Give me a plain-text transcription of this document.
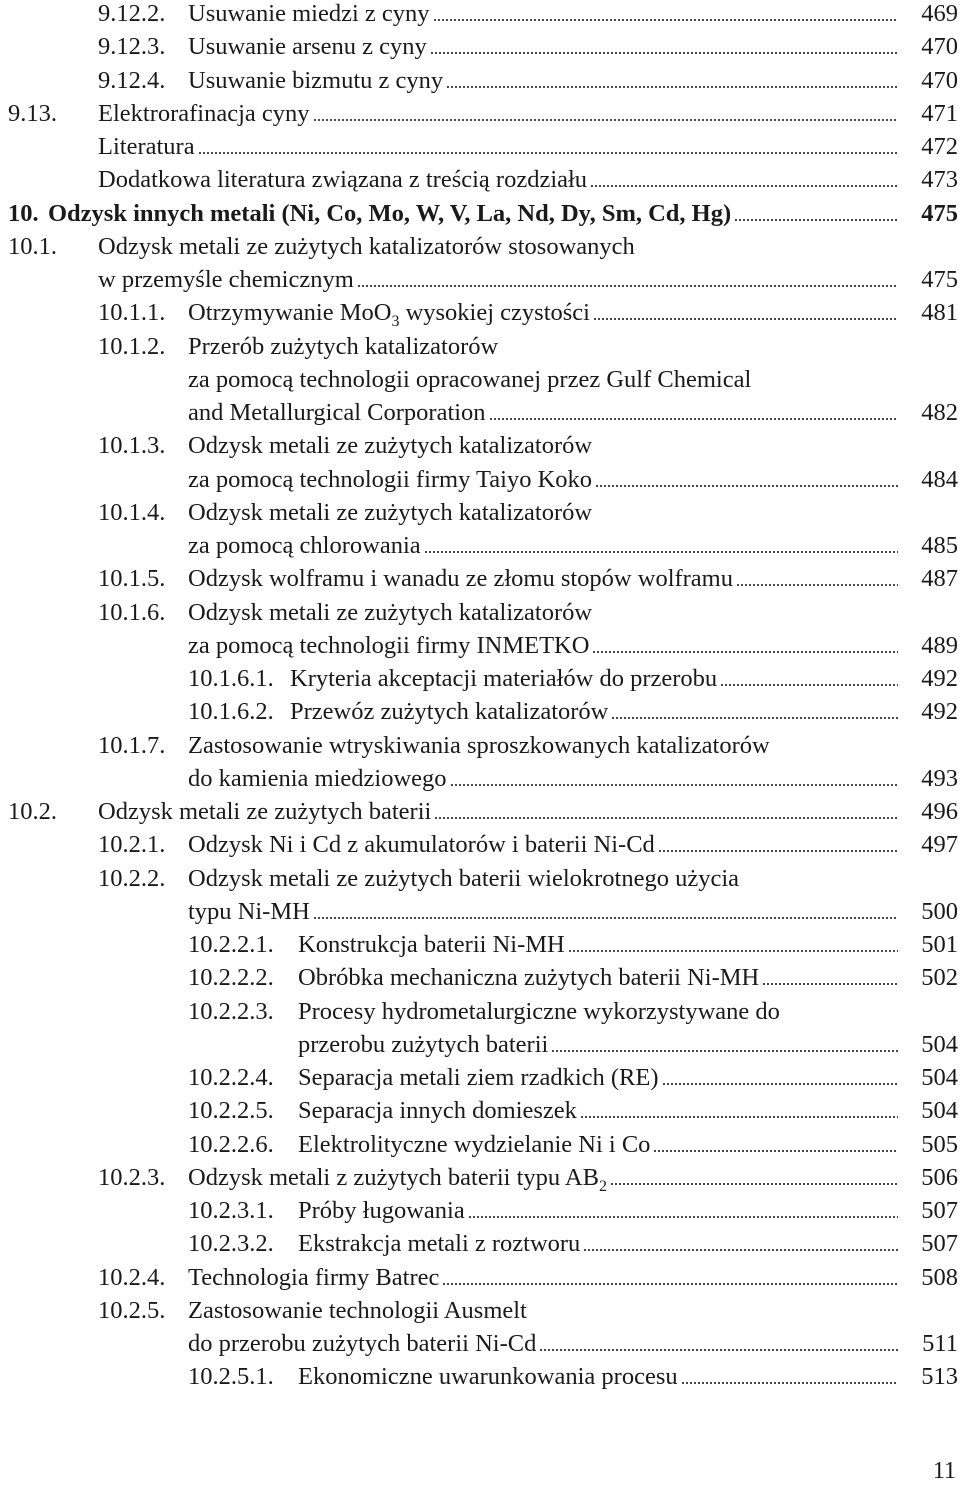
9.12.2. Usuwanie miedzi z cyny	469
9.12.3. Usuwanie arsenu z cyny	470
9.12.4. Usuwanie bizmutu z cyny	470
9.13. Elektrorafinacja cyny	471
Literatura	472
Dodatkowa literatura związana z treścią rozdziału	473
10. Odzysk innych metali (Ni, Co, Mo, W, V, La, Nd, Dy, Sm, Cd, Hg)	475
10.1. Odzysk metali ze zużytych katalizatorów stosowanych
w przemyśle chemicznym	475
10.1.1. Otrzymywanie MoO$_3$ wysokiej czystości	481
10.1.2. Przerób zużytych katalizatorów
za pomocą technologii opracowanej przez Gulf Chemical
and Metallurgical Corporation	482
10.1.3. Odzysk metali ze zużytych katalizatorów
za pomocą technologii firmy Taiyo Koko	484
10.1.4. Odzysk metali ze zużytych katalizatorów
za pomocą chlorowania	485
10.1.5. Odzysk wolframu i wanadu ze złomu stopów wolframu	487
10.1.6. Odzysk metali ze zużytych katalizatorów
za pomocą technologii firmy INMETKO	489
10.1.6.1. Kryteria akceptacji materiałów do przerobu	492
10.1.6.2. Przewóz zużytych katalizatorów	492
10.1.7. Zastosowanie wtryskiwania sproszkowanych katalizatorów
do kamienia miedziowego	493
10.2. Odzysk metali ze zużytych baterii	496
10.2.1. Odzysk Ni i Cd z akumulatorów i baterii Ni-Cd	497
10.2.2. Odzysk metali ze zużytych baterii wielokrotnego użycia
typu Ni-MH	500
10.2.2.1. Konstrukcja baterii Ni-MH	501
10.2.2.2. Obróbka mechaniczna zużytych baterii Ni-MH	502
10.2.2.3. Procesy hydrometalurgiczne wykorzystywane do
przerobu zużytych baterii	504
10.2.2.4. Separacja metali ziem rzadkich (RE)	504
10.2.2.5. Separacja innych domieszek	504
10.2.2.6. Elektrolityczne wydzielanie Ni i Co	505
10.2.3. Odzysk metali z zużytych baterii typu $AB_2$	506
10.2.3.1. Próby ługowania	507
10.2.3.2. Ekstrakcja metali z roztworu	507
10.2.4. Technologia firmy Batrec	508
10.2.5. Zastosowanie technologii Ausmelt
do przerobu zużytych baterii Ni-Cd	511
10.2.5.1. Ekonomiczne uwarunkowania procesu	513
11
